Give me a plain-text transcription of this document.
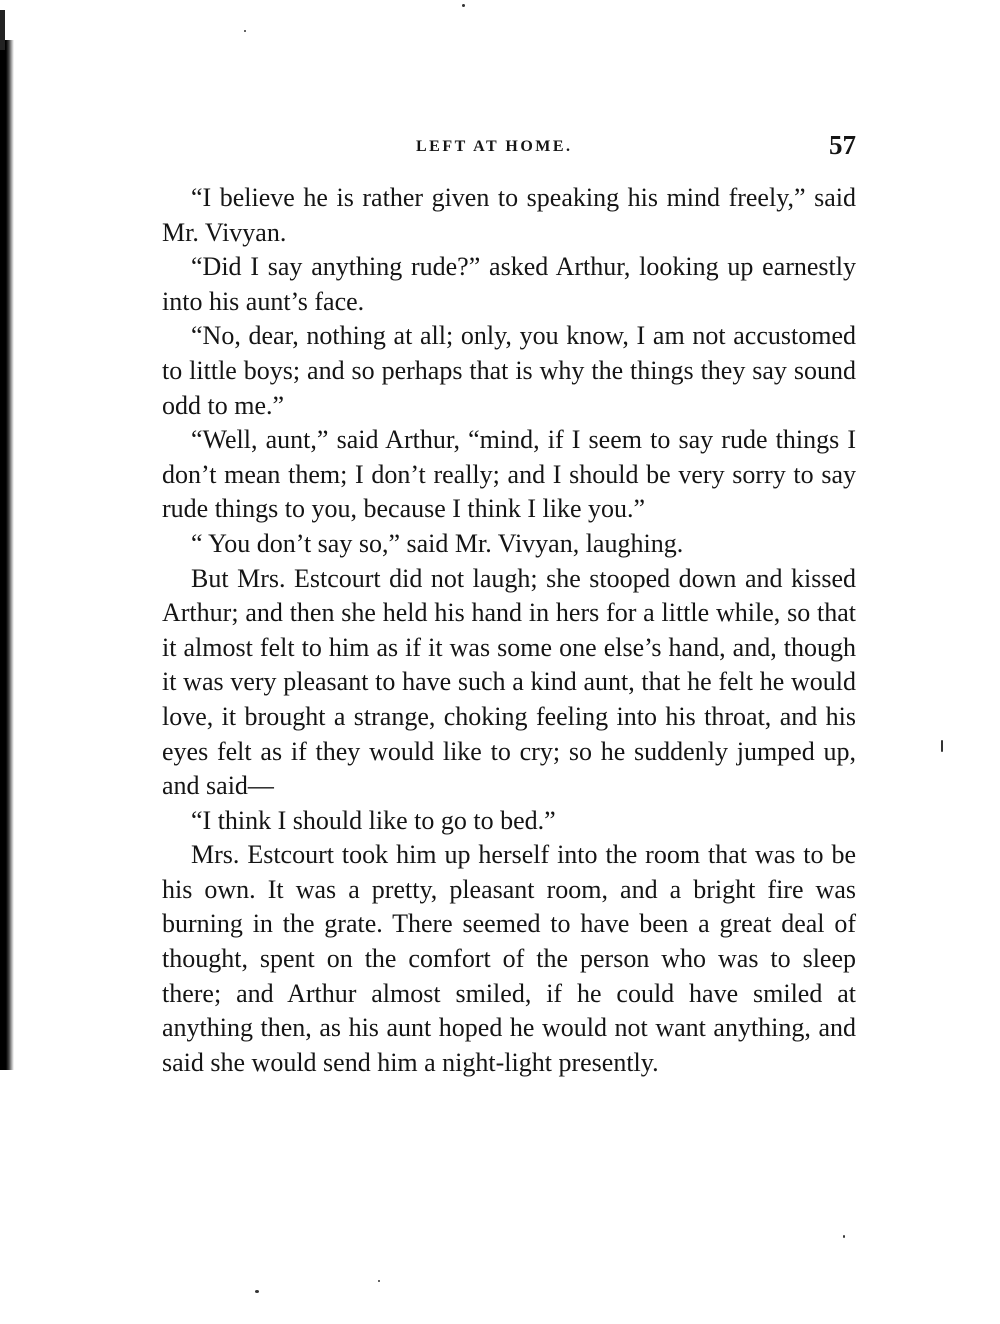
LEFT AT HOME.	57

“I believe he is rather given to speaking his mind freely,” said Mr. Vivyan.

“Did I say anything rude?” asked Arthur, looking up earnestly into his aunt’s face.

“No, dear, nothing at all; only, you know, I am not accustomed to little boys; and so perhaps that is why the things they say sound odd to me.”

“Well, aunt,” said Arthur, “mind, if I seem to say rude things I don’t mean them; I don’t really; and I should be very sorry to say rude things to you, because I think I like you.”

“ You don’t say so,” said Mr. Vivyan, laughing.

But Mrs. Estcourt did not laugh; she stooped down and kissed Arthur; and then she held his hand in hers for a little while, so that it almost felt to him as if it was some one else’s hand, and, though it was very pleasant to have such a kind aunt, that he felt he would love, it brought a strange, choking feeling into his throat, and his eyes felt as if they would like to cry; so he suddenly jumped up, and said—

“I think I should like to go to bed.”

Mrs. Estcourt took him up herself into the room that was to be his own. It was a pretty, pleasant room, and a bright fire was burning in the grate. There seemed to have been a great deal of thought, spent on the comfort of the person who was to sleep there; and Arthur almost smiled, if he could have smiled at anything then, as his aunt hoped he would not want anything, and said she would send him a night-light presently.
